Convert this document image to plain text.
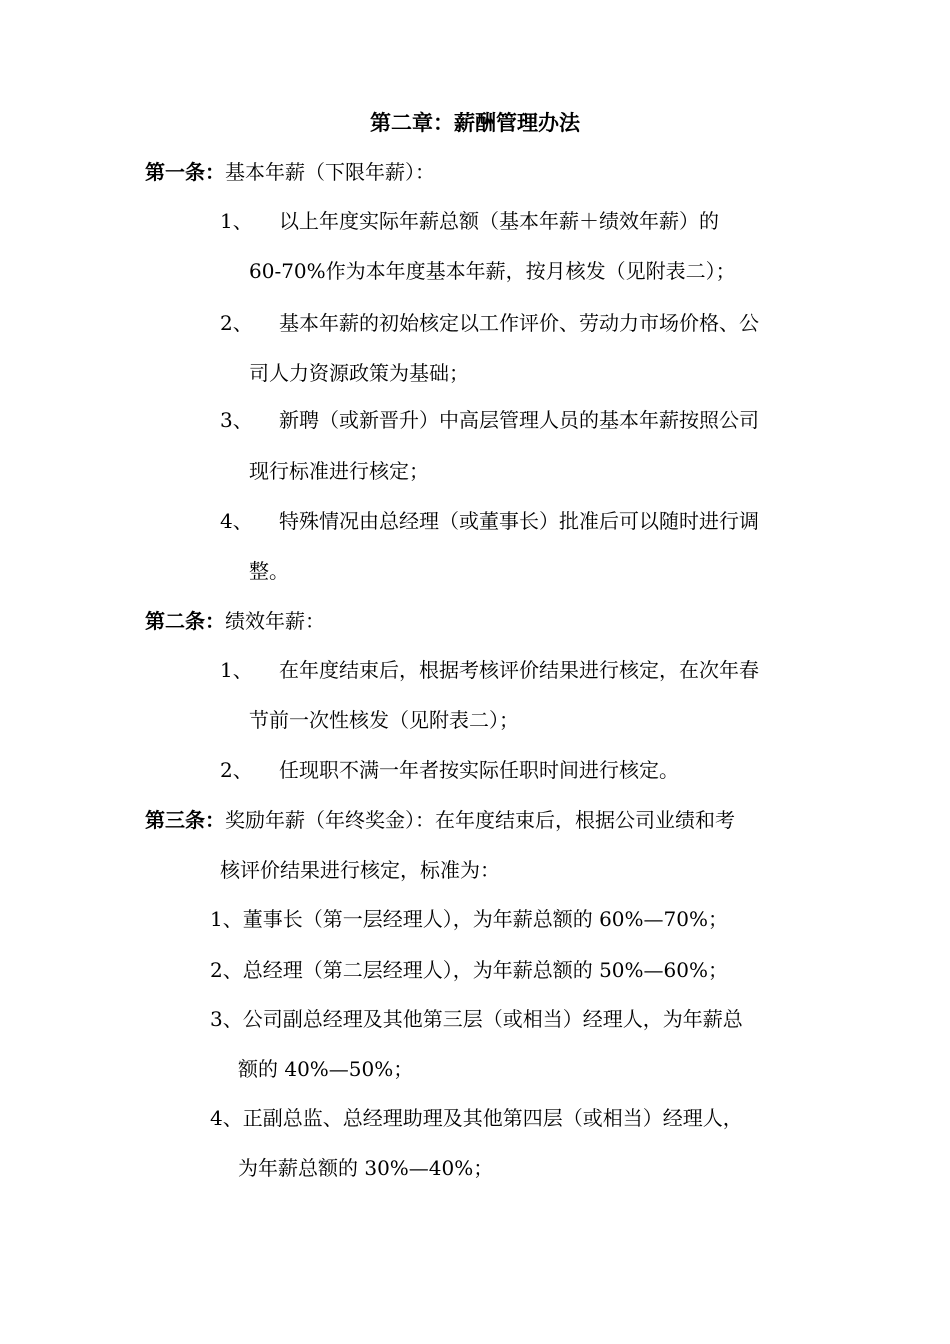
第二章：薪酬管理办法
第一条：基本年薪（下限年薪）：
1、 以上年度实际年薪总额（基本年薪＋绩效年薪）的
60-70%作为本年度基本年薪，按月核发（见附表二）；
2、 基本年薪的初始核定以工作评价、劳动力市场价格、公
司人力资源政策为基础；
3、 新聘（或新晋升）中高层管理人员的基本年薪按照公司
现行标准进行核定；
4、 特殊情况由总经理（或董事长）批准后可以随时进行调
整。
第二条：绩效年薪：
1、 在年度结束后，根据考核评价结果进行核定，在次年春
节前一次性核发（见附表二）；
2、 任现职不满一年者按实际任职时间进行核定。
第三条：奖励年薪（年终奖金）：在年度结束后，根据公司业绩和考
核评价结果进行核定，标准为：
1、董事长（第一层经理人），为年薪总额的 60%—70%；
2、总经理（第二层经理人），为年薪总额的 50%—60%；
3、公司副总经理及其他第三层（或相当）经理人，为年薪总
额的 40%—50%；
4、正副总监、总经理助理及其他第四层（或相当）经理人，
为年薪总额的 30%—40%；
